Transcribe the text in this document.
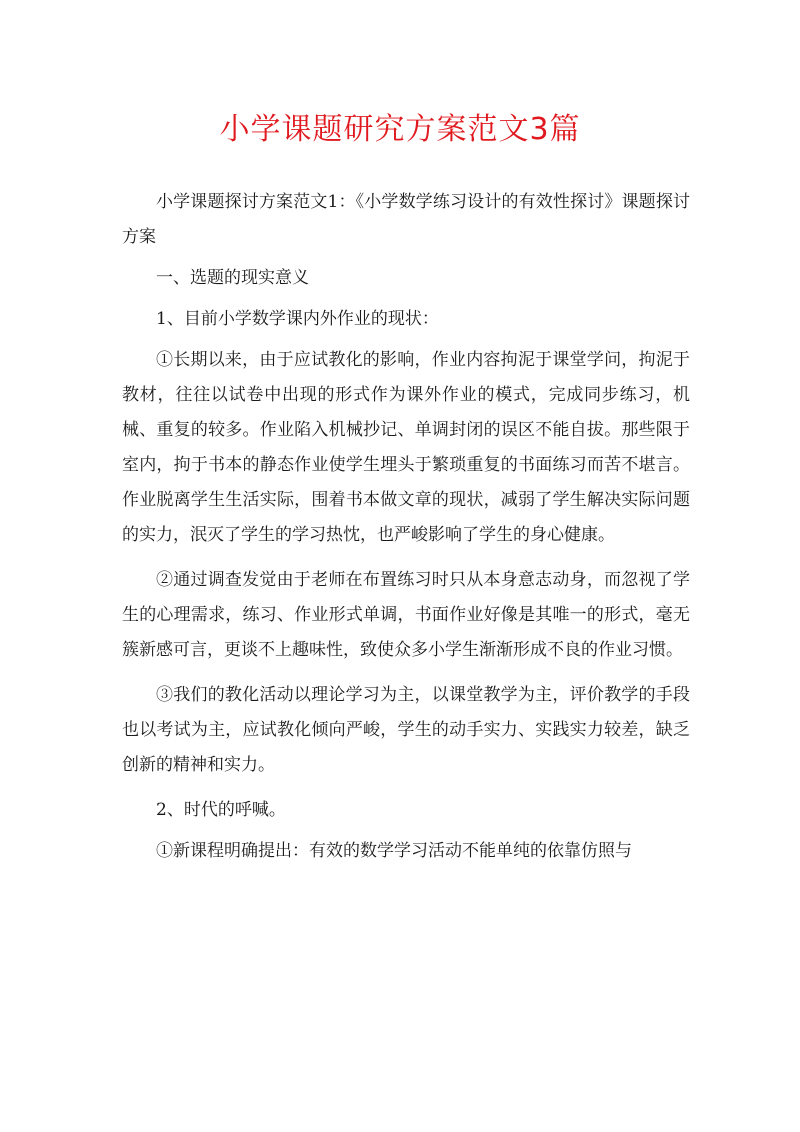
小学课题研究方案范文3篇

小学课题探讨方案范文1：《小学数学练习设计的有效性探讨》课题探讨方案

一、选题的现实意义

1、目前小学数学课内外作业的现状：

①长期以来，由于应试教化的影响，作业内容拘泥于课堂学问，拘泥于教材，往往以试卷中出现的形式作为课外作业的模式，完成同步练习，机械、重复的较多。作业陷入机械抄记、单调封闭的误区不能自拔。那些限于室内，拘于书本的静态作业使学生埋头于繁琐重复的书面练习而苦不堪言。作业脱离学生生活实际，围着书本做文章的现状，减弱了学生解决实际问题的实力，泯灭了学生的学习热忱，也严峻影响了学生的身心健康。

②通过调查发觉由于老师在布置练习时只从本身意志动身，而忽视了学生的心理需求，练习、作业形式单调，书面作业好像是其唯一的形式，毫无簇新感可言，更谈不上趣味性，致使众多小学生渐渐形成不良的作业习惯。

③我们的教化活动以理论学习为主，以课堂教学为主，评价教学的手段也以考试为主，应试教化倾向严峻，学生的动手实力、实践实力较差，缺乏创新的精神和实力。

2、时代的呼喊。

①新课程明确提出：有效的数学学习活动不能单纯的依靠仿照与
